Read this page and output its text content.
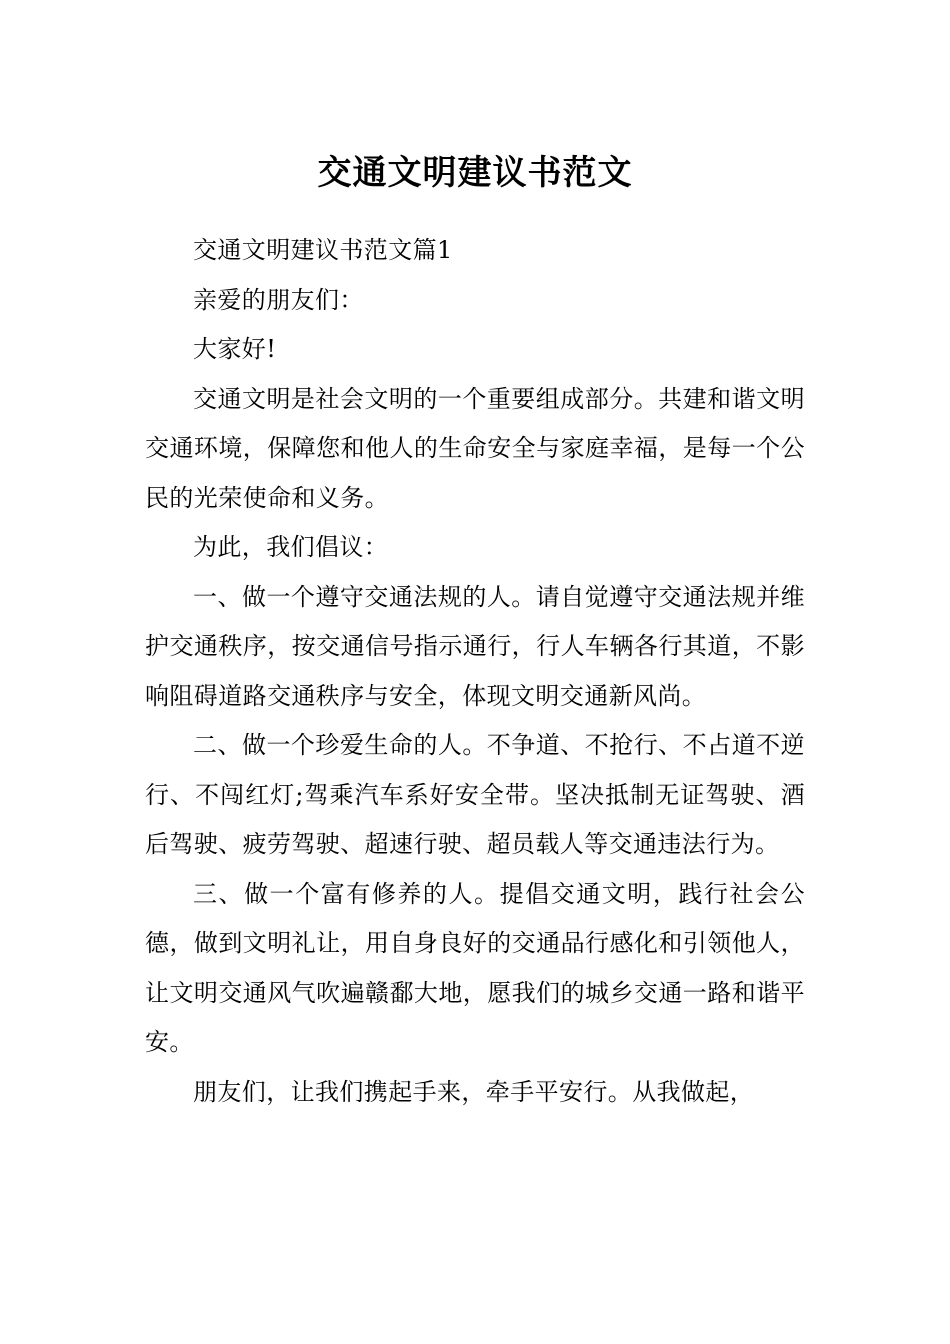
交通文明建议书范文

交通文明建议书范文篇1

亲爱的朋友们：

大家好!

交通文明是社会文明的一个重要组成部分。共建和谐文明交通环境，保障您和他人的生命安全与家庭幸福，是每一个公民的光荣使命和义务。

为此，我们倡议：

一、做一个遵守交通法规的人。请自觉遵守交通法规并维护交通秩序，按交通信号指示通行，行人车辆各行其道，不影响阻碍道路交通秩序与安全，体现文明交通新风尚。

二、做一个珍爱生命的人。不争道、不抢行、不占道不逆行、不闯红灯;驾乘汽车系好安全带。坚决抵制无证驾驶、酒后驾驶、疲劳驾驶、超速行驶、超员载人等交通违法行为。

三、做一个富有修养的人。提倡交通文明，践行社会公德，做到文明礼让，用自身良好的交通品行感化和引领他人，让文明交通风气吹遍赣鄱大地，愿我们的城乡交通一路和谐平安。

朋友们，让我们携起手来，牵手平安行。从我做起，
